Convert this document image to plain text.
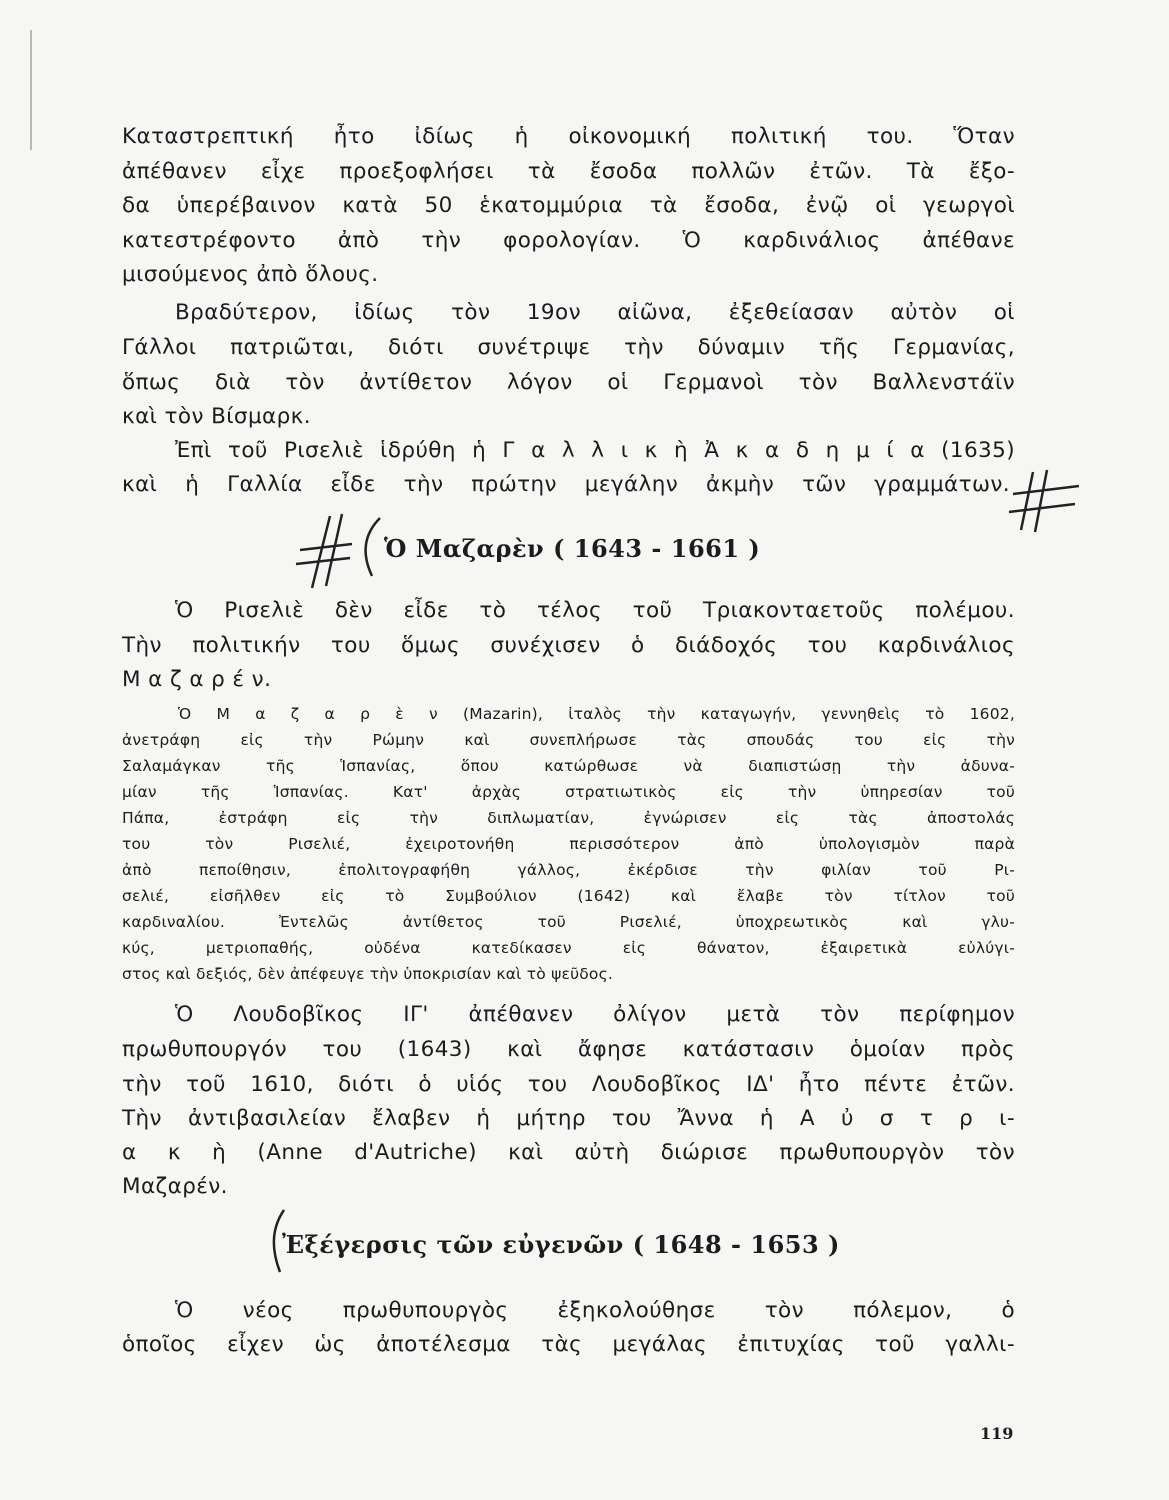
Καταστρεπτική ἦτο ἰδίως ἡ οἰκονομική πολιτική του. Ὅταν
ἀπέθανεν εἶχε προεξοφλήσει τὰ ἔσοδα πολλῶν ἐτῶν. Τὰ ἔξο-
δα ὑπερέβαινον κατὰ 50 ἑκατομμύρια τὰ ἔσοδα, ἐνῷ οἱ γεωργοὶ
κατεστρέφοντο ἀπὸ τὴν φορολογίαν. Ὁ καρδινάλιος ἀπέθανε
μισούμενος ἀπὸ ὅλους.
Βραδύτερον, ἰδίως τὸν 19ον αἰῶνα, ἐξεθείασαν αὐτὸν οἱ
Γάλλοι πατριῶται, διότι συνέτριψε τὴν δύναμιν τῆς Γερμανίας,
ὅπως διὰ τὸν ἀντίθετον λόγον οἱ Γερμανοὶ τὸν Βαλλενστάϊν
καὶ τὸν Βίσμαρκ.
Ἐπὶ τοῦ Ρισελιὲ ἱδρύθη ἡ Γ α λ λ ι κ ὴ Ἀ κ α δ η μ ί α (1635)
καὶ ἡ Γαλλία εἶδε τὴν πρώτην μεγάλην ἀκμὴν τῶν γραμμάτων.
Ὁ Μαζαρὲν ( 1643 - 1661 )
Ὁ Ρισελιὲ δὲν εἶδε τὸ τέλος τοῦ Τριακονταετοῦς πολέμου.
Τὴν πολιτικήν του ὅμως συνέχισεν ὁ διάδοχός του καρδινάλιος
Μ α ζ α ρ έ ν.
Ὁ Μ α ζ α ρ ὲ ν (Mazarin), ἰταλὸς τὴν καταγωγήν, γεννηθεὶς τὸ 1602,
ἀνετράφη εἰς τὴν Ρώμην καὶ συνεπλήρωσε τὰς σπουδάς του εἰς τὴν
Σαλαμάγκαν τῆς Ἱσπανίας, ὅπου κατώρθωσε νὰ διαπιστώσῃ τὴν ἀδυνα-
μίαν τῆς Ἱσπανίας. Κατ' ἀρχὰς στρατιωτικὸς εἰς τὴν ὑπηρεσίαν τοῦ
Πάπα, ἐστράφη εἰς τὴν διπλωματίαν, ἐγνώρισεν εἰς τὰς ἀποστολάς
του τὸν Ρισελιέ, ἐχειροτονήθη περισσότερον ἀπὸ ὑπολογισμὸν παρὰ
ἀπὸ πεποίθησιν, ἐπολιτογραφήθη γάλλος, ἐκέρδισε τὴν φιλίαν τοῦ Ρι-
σελιέ, εἰσῆλθεν εἰς τὸ Συμβούλιον (1642) καὶ ἔλαβε τὸν τίτλον τοῦ
καρδιναλίου. Ἐντελῶς ἀντίθετος τοῦ Ρισελιέ, ὑποχρεωτικὸς καὶ γλυ-
κύς, μετριοπαθής, οὐδένα κατεδίκασεν εἰς θάνατον, ἐξαιρετικὰ εὐλύγι-
στος καὶ δεξιός, δὲν ἀπέφευγε τὴν ὑποκρισίαν καὶ τὸ ψεῦδος.
Ὁ Λουδοβῖκος ΙΓ' ἀπέθανεν ὀλίγον μετὰ τὸν περίφημον
πρωθυπουργόν του (1643) καὶ ἄφησε κατάστασιν ὁμοίαν πρὸς
τὴν τοῦ 1610, διότι ὁ υἱός του Λουδοβῖκος ΙΔ' ἦτο πέντε ἐτῶν.
Τὴν ἀντιβασιλείαν ἔλαβεν ἡ μήτηρ του Ἄννα ἡ Α ὐ σ τ ρ ι-
α κ ὴ (Anne d'Autriche) καὶ αὐτὴ διώρισε πρωθυπουργὸν τὸν
Μαζαρέν.
Ἐξέγερσις τῶν εὐγενῶν ( 1648 - 1653 )
Ὁ νέος πρωθυπουργὸς ἐξηκολούθησε τὸν πόλεμον, ὁ
ὁποῖος εἶχεν ὡς ἀποτέλεσμα τὰς μεγάλας ἐπιτυχίας τοῦ γαλλι-
119
